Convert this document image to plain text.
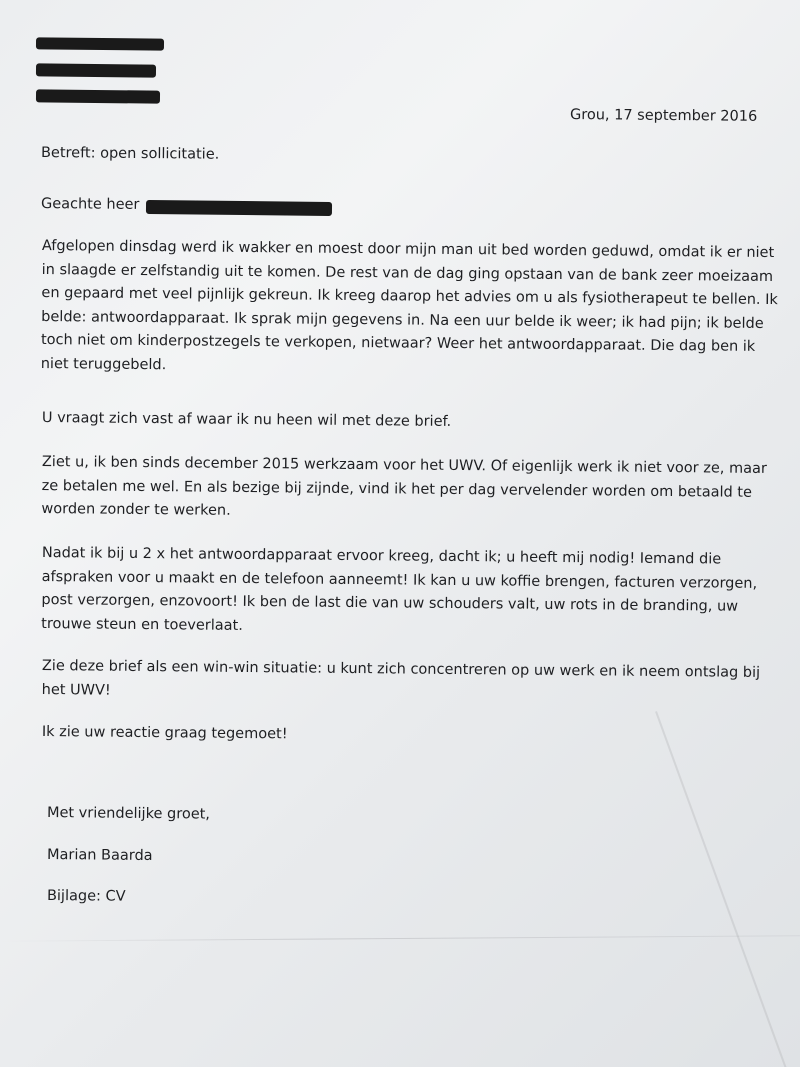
Grou, 17 september 2016
Betreft: open sollicitatie.
Geachte heer
Afgelopen dinsdag werd ik wakker en moest door mijn man uit bed worden geduwd, omdat ik er niet
in slaagde er zelfstandig uit te komen. De rest van de dag ging opstaan van de bank zeer moeizaam
en gepaard met veel pijnlijk gekreun. Ik kreeg daarop het advies om u als fysiotherapeut te bellen. Ik
belde: antwoordapparaat. Ik sprak mijn gegevens in. Na een uur belde ik weer; ik had pijn; ik belde
toch niet om kinderpostzegels te verkopen, nietwaar? Weer het antwoordapparaat. Die dag ben ik
niet teruggebeld.
U vraagt zich vast af waar ik nu heen wil met deze brief.
Ziet u, ik ben sinds december 2015 werkzaam voor het UWV. Of eigenlijk werk ik niet voor ze, maar
ze betalen me wel. En als bezige bij zijnde, vind ik het per dag vervelender worden om betaald te
worden zonder te werken.
Nadat ik bij u 2 x het antwoordapparaat ervoor kreeg, dacht ik; u heeft mij nodig! Iemand die
afspraken voor u maakt en de telefoon aanneemt! Ik kan u uw koffie brengen, facturen verzorgen,
post verzorgen, enzovoort! Ik ben de last die van uw schouders valt, uw rots in de branding, uw
trouwe steun en toeverlaat.
Zie deze brief als een win-win situatie: u kunt zich concentreren op uw werk en ik neem ontslag bij
het UWV!
Ik zie uw reactie graag tegemoet!
Met vriendelijke groet,
Marian Baarda
Bijlage: CV
